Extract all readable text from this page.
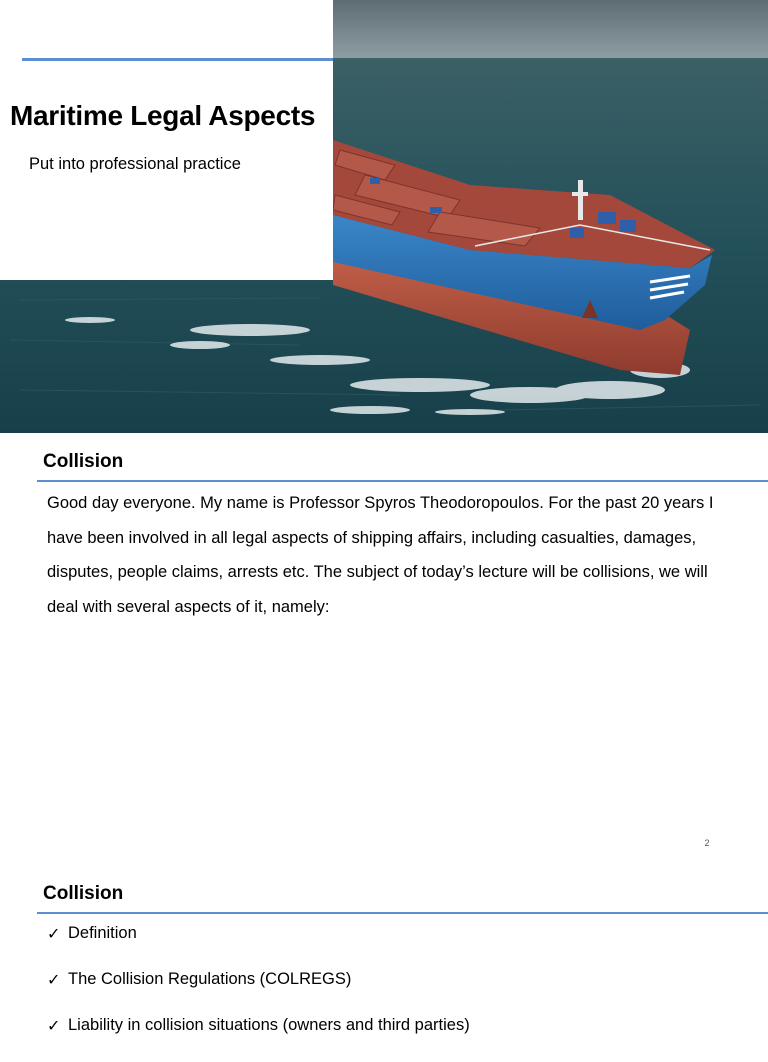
Maritime Legal Aspects
Put into professional practice
Collision

Good day everyone. My name is Professor Spyros Theodoropoulos. For the past 20 years I have been involved in all legal aspects of shipping affairs, including casualties, damages, disputes, people claims, arrests etc. The subject of today’s lecture will be collisions, we will deal with several aspects of it, namely:

2
Collision
✓ Definition
✓ The Collision Regulations (COLREGS)
✓ Liability in collision situations (owners and third parties)
